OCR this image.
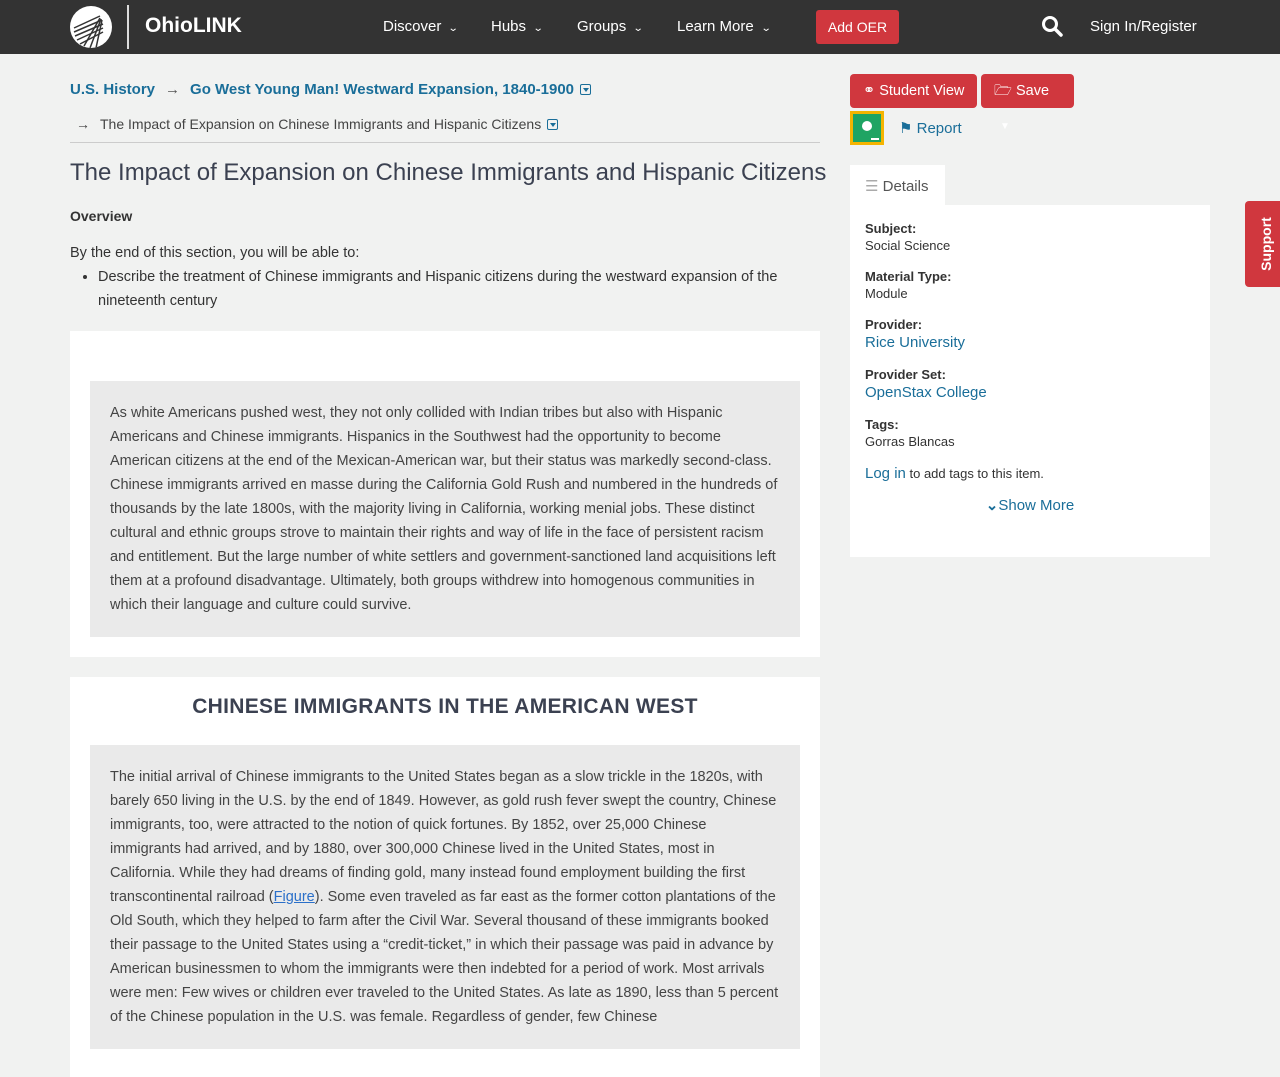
OhioLINK	Discover ⌄ Hubs ⌄ Groups ⌄ Learn More ⌄	Add OER	Sign In/Register
U.S. History → Go West Young Man! Westward Expansion, 1840-1900
→ The Impact of Expansion on Chinese Immigrants and Hispanic Citizens
The Impact of Expansion on Chinese Immigrants and Hispanic Citizens
Overview

By the end of this section, you will be able to:

• Describe the treatment of Chinese immigrants and Hispanic citizens during the westward expansion of the nineteenth century
As white Americans pushed west, they not only collided with Indian tribes but also with Hispanic Americans and Chinese immigrants. Hispanics in the Southwest had the opportunity to become American citizens at the end of the Mexican-American war, but their status was markedly second-class. Chinese immigrants arrived en masse during the California Gold Rush and numbered in the hundreds of thousands by the late 1800s, with the majority living in California, working menial jobs. These distinct cultural and ethnic groups strove to maintain their rights and way of life in the face of persistent racism and entitlement. But the large number of white settlers and government-sanctioned land acquisitions left them at a profound disadvantage. Ultimately, both groups withdrew into homogenous communities in which their language and culture could survive.
CHINESE IMMIGRANTS IN THE AMERICAN WEST
The initial arrival of Chinese immigrants to the United States began as a slow trickle in the 1820s, with barely 650 living in the U.S. by the end of 1849. However, as gold rush fever swept the country, Chinese immigrants, too, were attracted to the notion of quick fortunes. By 1852, over 25,000 Chinese immigrants had arrived, and by 1880, over 300,000 Chinese lived in the United States, most in California. While they had dreams of finding gold, many instead found employment building the first transcontinental railroad (Figure). Some even traveled as far east as the former cotton plantations of the Old South, which they helped to farm after the Civil War. Several thousand of these immigrants booked their passage to the United States using a “credit-ticket,” in which their passage was paid in advance by American businessmen to whom the immigrants were then indebted for a period of work. Most arrivals were men: Few wives or children ever traveled to the United States. As late as 1890, less than 5 percent of the Chinese population in the U.S. was female. Regardless of gender, few Chinese
⚭ Student View	🗁 Save ▼
⚑ Report
☰ Details
Subject:
Social Science
Material Type:
Module
Provider:
Rice University
Provider Set:
OpenStax College
Tags:
Gorras Blancas
Log in to add tags to this item.
⌄Show More
Support
